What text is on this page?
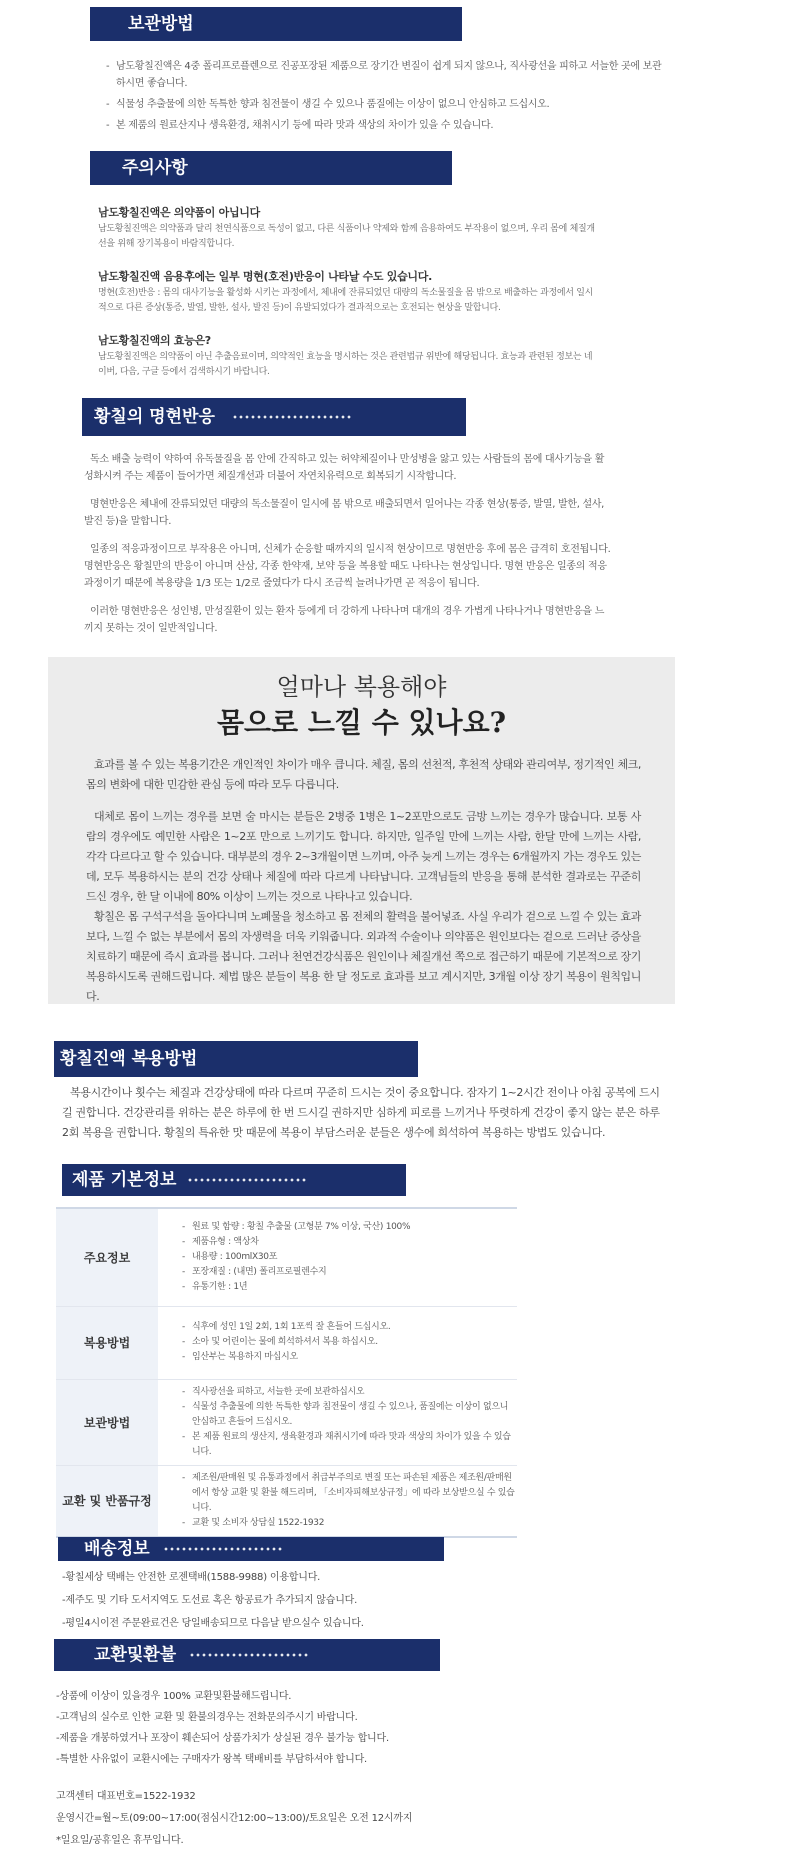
보관방법
- 남도황칠진액은 4중 폴리프로플렌으로 진공포장된 제품으로 장기간 변질이 쉽게 되지 않으나, 직사광선을 피하고 서늘한 곳에 보관하시면 좋습니다.
- 식물성 추출물에 의한 독특한 향과 침전물이 생길 수 있으나 품질에는 이상이 없으니 안심하고 드십시오.
- 본 제품의 원료산지나 생육환경, 채취시기 등에 따라 맛과 색상의 차이가 있을 수 있습니다.
주의사항
남도황칠진액은 의약품이 아닙니다

남도황칠진액은 의약품과 달리 천연식품으로 독성이 없고, 다른 식품이나 약제와 함께 음용하여도 부작용이 없으며, 우리 몸에 체질개선을 위해 장기복용이 바람직합니다.

남도황칠진액 음용후에는 일부 명현(호전)반응이 나타날 수도 있습니다.

명현(호전)반응 : 몸의 대사기능을 활성화 시키는 과정에서, 체내에 잔류되었던 대량의 독소물질을 몸 밖으로 배출하는 과정에서 일시적으로 다른 증상(통증, 발열, 발한, 설사, 발진 등)이 유발되었다가 결과적으로는 호전되는 현상을 말합니다.

남도황칠진액의 효능은?

남도황칠진액은 의약품이 아닌 추출음료이며, 의약적인 효능을 명시하는 것은 관련법규 위반에 해당됩니다. 효능과 관련된 정보는 네이버, 다음, 구글 등에서 검색하시기 바랍니다.

황칠의 명현반응

독소 배출 능력이 약하여 유독물질을 몸 안에 간직하고 있는 허약체질이나 만성병을 앓고 있는 사람들의 몸에 대사기능을 활성화시켜 주는 제품이 들어가면 체질개선과 더불어 자연치유력으로 회복되기 시작합니다.

명현반응은 체내에 잔류되었던 대량의 독소물질이 일시에 몸 밖으로 배출되면서 일어나는 각종 현상(통증, 발열, 발한, 설사, 발진 등)을 말합니다.

일종의 적응과정이므로 부작용은 아니며, 신체가 순응할 때까지의 일시적 현상이므로 명현반응 후에 몸은 급격히 호전됩니다. 명현반응은 황칠만의 반응이 아니며 산삼, 각종 한약재, 보약 등을 복용할 때도 나타나는 현상입니다. 명현 반응은 일종의 적응과정이기 때문에 복용량을 1/3 또는 1/2로 줄였다가 다시 조금씩 늘려나가면 곧 적응이 됩니다.

이러한 명현반응은 성인병, 만성질환이 있는 환자 등에게 더 강하게 나타나며 대개의 경우 가볍게 나타나거나 명현반응을 느끼지 못하는 것이 일반적입니다.

얼마나 복용해야
몸으로 느낄 수 있나요?

효과를 볼 수 있는 복용기간은 개인적인 차이가 매우 큽니다. 체질, 몸의 선천적, 후천적 상태와 관리여부, 정기적인 체크, 몸의 변화에 대한 민감한 관심 등에 따라 모두 다릅니다.

대체로 몸이 느끼는 경우를 보면 술 마시는 분들은 2병중 1병은 1~2포만으로도 금방 느끼는 경우가 많습니다. 보통 사람의 경우에도 예민한 사람은 1~2포 만으로 느끼기도 합니다. 하지만, 일주일 만에 느끼는 사람, 한달 만에 느끼는 사람, 각각 다르다고 할 수 있습니다. 대부분의 경우 2~3개월이면 느끼며, 아주 늦게 느끼는 경우는 6개월까지 가는 경우도 있는데, 모두 복용하시는 분의 건강 상태나 체질에 따라 다르게 나타납니다. 고객님들의 반응을 통해 분석한 결과로는 꾸준히 드신 경우, 한 달 이내에 80% 이상이 느끼는 것으로 나타나고 있습니다.

황칠은 몸 구석구석을 돌아다니며 노폐물을 청소하고 몸 전체의 활력을 불어넣죠. 사실 우리가 겉으로 느낄 수 있는 효과보다, 느낄 수 없는 부분에서 몸의 자생력을 더욱 키워줍니다. 외과적 수술이나 의약품은 원인보다는 겉으로 드러난 증상을 치료하기 때문에 즉시 효과를 봅니다. 그러나 천연건강식품은 원인이나 체질개선 쪽으로 접근하기 때문에 기본적으로 장기 복용하시도록 권해드립니다. 제법 많은 분들이 복용 한 달 정도로 효과를 보고 계시지만, 3개월 이상 장기 복용이 원칙입니다.

황칠진액 복용방법

복용시간이나 횟수는 체질과 건강상태에 따라 다르며 꾸준히 드시는 것이 중요합니다. 잠자기 1~2시간 전이나 아침 공복에 드시길 권합니다. 건강관리를 위하는 분은 하루에 한 번 드시길 권하지만 심하게 피로를 느끼거나 뚜렷하게 건강이 좋지 않는 분은 하루 2회 복용을 권합니다. 황칠의 특유한 맛 때문에 복용이 부담스러운 분들은 생수에 희석하여 복용하는 방법도 있습니다.

제품 기본정보
주요정보	- 원료 및 함량 : 황칠 추출물 (고형분 7% 이상, 국산) 100%
- 제품유형 : 액상차
- 내용량 : 100mlX30포
- 포장재질 : (내면) 폴리프로필렌수지
- 유통기한 : 1년

복용방법	- 식후에 성인 1일 2회, 1회 1포씩 잘 흔들어 드십시오.
- 소아 및 어린이는 물에 희석하셔서 복용 하십시오.
- 임산부는 복용하지 마십시오

보관방법	- 직사광선을 피하고, 서늘한 곳에 보관하십시오
- 식물성 추출물에 의한 독특한 향과 침전물이 생길 수 있으나, 품질에는 이상이 없으니 안심하고 흔들어 드십시오.
- 본 제품 원료의 생산지, 생육환경과 채취시기에 따라 맛과 색상의 차이가 있을 수 있습니다.

교환 및 반품규정	- 제조원/판매원 및 유통과정에서 취급부주의로 변질 또는 파손된 제품은 제조원/판매원에서 항상 교환 및 환불 해드리며, 「소비자피해보상규정」에 따라 보상받으실 수 있습니다.
- 교환 및 소비자 상담실 1522-1932
배송정보
-황칠세상 택배는 안전한 로젠택배(1588-9988) 이용합니다.
-제주도 및 기타 도서지역도 도선료 혹은 항공료가 추가되지 않습니다.
-평일4시이전 주문완료건은 당일배송되므로 다음날 받으실수 있습니다.
교환및환불
-상품에 이상이 있을경우 100% 교환및환불해드립니다.
-고객님의 실수로 인한 교환 및 환불의경우는 전화문의주시기 바랍니다.
-제품을 개봉하였거나 포장이 훼손되어 상품가치가 상실된 경우 불가능 합니다.
-특별한 사유없이 교환시에는 구매자가 왕복 택배비를 부담하셔야 합니다.
고객센터 대표번호=1522-1932
운영시간=월~토(09:00~17:00(점심시간12:00~13:00)/토요일은 오전 12시까지
*일요일/공휴일은 휴무입니다.
